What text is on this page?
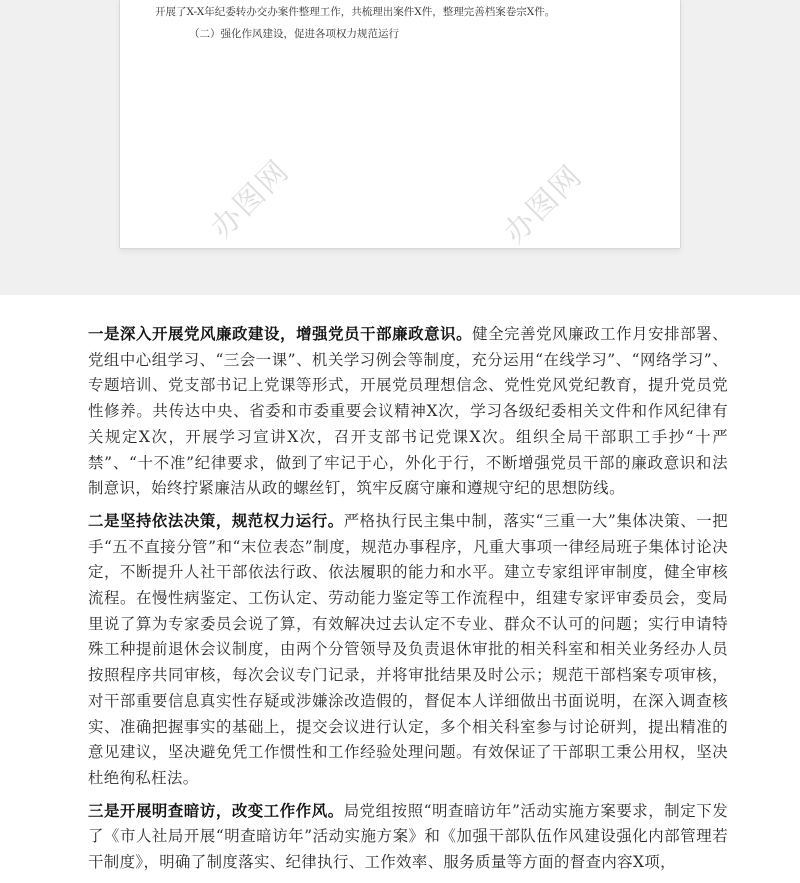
开展了X-X年纪委转办交办案件整理工作，共梳理出案件X件，整理完善档案卷宗X件。
（二）强化作风建设，促进各项权力规范运行
办图网	办图网

一是深入开展党风廉政建设，增强党员干部廉政意识。健全完善党风廉政工作月安排部署、党组中心组学习、“三会一课”、机关学习例会等制度，充分运用“在线学习”、“网络学习”、专题培训、党支部书记上党课等形式，开展党员理想信念、党性党风党纪教育，提升党员党性修养。共传达中央、省委和市委重要会议精神X次，学习各级纪委相关文件和作风纪律有关规定X次，开展学习宣讲X次，召开支部书记党课X次。组织全局干部职工手抄“十严禁”、“十不准”纪律要求，做到了牢记于心，外化于行，不断增强党员干部的廉政意识和法制意识，始终拧紧廉洁从政的螺丝钉，筑牢反腐守廉和遵规守纪的思想防线。

二是坚持依法决策，规范权力运行。严格执行民主集中制，落实“三重一大”集体决策、一把手“五不直接分管”和“末位表态”制度，规范办事程序，凡重大事项一律经局班子集体讨论决定，不断提升人社干部依法行政、依法履职的能力和水平。建立专家组评审制度，健全审核流程。在慢性病鉴定、工伤认定、劳动能力鉴定等工作流程中，组建专家评审委员会，变局里说了算为专家委员会说了算，有效解决过去认定不专业、群众不认可的问题；实行申请特殊工种提前退休会议制度，由两个分管领导及负责退休审批的相关科室和相关业务经办人员按照程序共同审核，每次会议专门记录，并将审批结果及时公示；规范干部档案专项审核，对干部重要信息真实性存疑或涉嫌涂改造假的，督促本人详细做出书面说明，在深入调查核实、准确把握事实的基础上，提交会议进行认定，多个相关科室参与讨论研判，提出精准的意见建议，坚决避免凭工作惯性和工作经验处理问题。有效保证了干部职工秉公用权，坚决杜绝徇私枉法。

三是开展明查暗访，改变工作作风。局党组按照“明查暗访年”活动实施方案要求，制定下发了《市人社局开展“明查暗访年”活动实施方案》和《加强干部队伍作风建设强化内部管理若干制度》，明确了制度落实、纪律执行、工作效率、服务质量等方面的督查内容X项，
